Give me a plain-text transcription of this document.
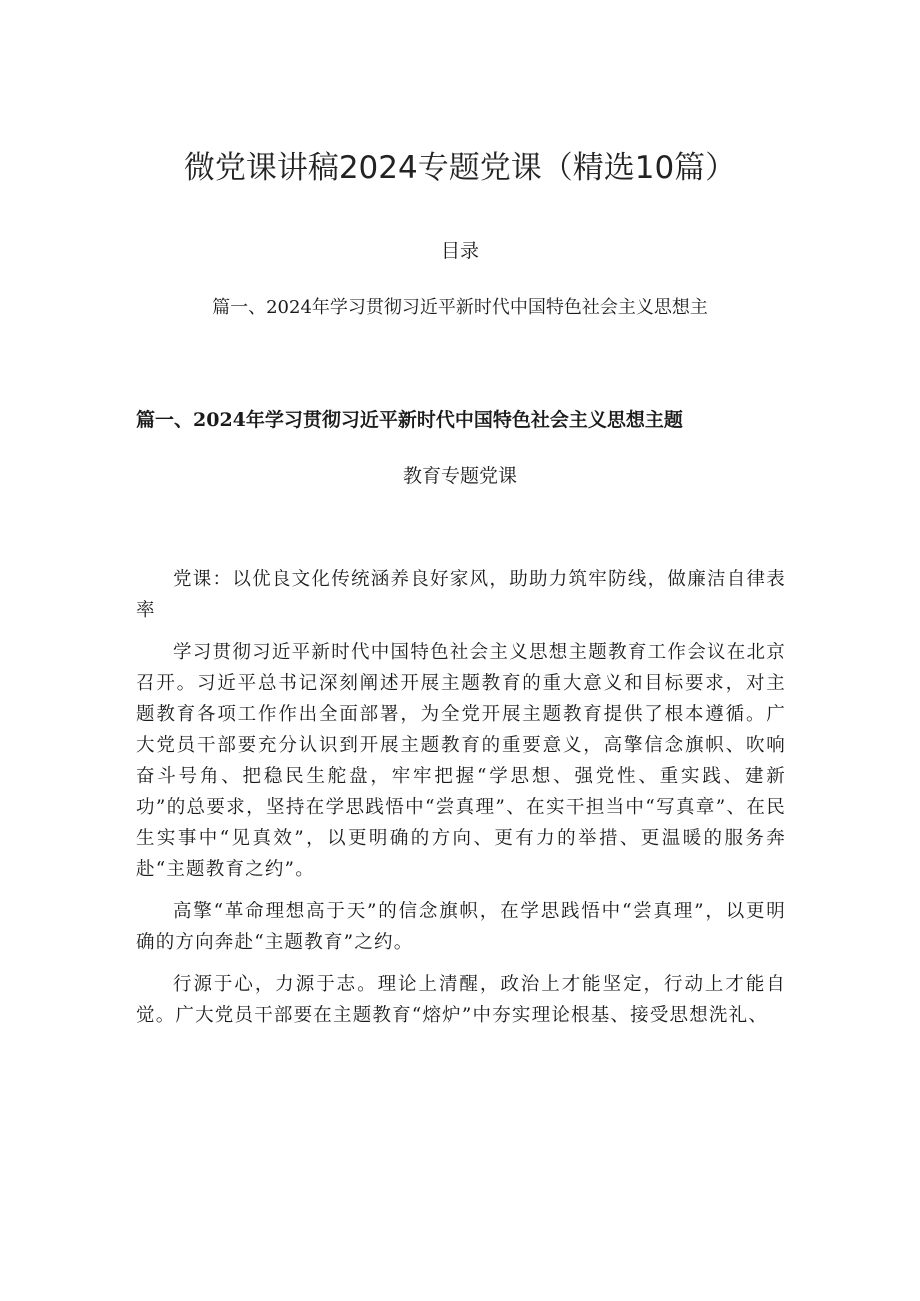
微党课讲稿2024专题党课（精选10篇）
目录
篇一、2024年学习贯彻习近平新时代中国特色社会主义思想主
篇一、2024年学习贯彻习近平新时代中国特色社会主义思想主题
教育专题党课

党课：以优良文化传统涵养良好家风，助助力筑牢防线，做廉洁自律表率

学习贯彻习近平新时代中国特色社会主义思想主题教育工作会议在北京召开。习近平总书记深刻阐述开展主题教育的重大意义和目标要求，对主题教育各项工作作出全面部署，为全党开展主题教育提供了根本遵循。广大党员干部要充分认识到开展主题教育的重要意义，高擎信念旗帜、吹响奋斗号角、把稳民生舵盘，牢牢把握“学思想、强党性、重实践、建新功”的总要求，坚持在学思践悟中“尝真理”、在实干担当中“写真章”、在民生实事中“见真效”，以更明确的方向、更有力的举措、更温暖的服务奔赴“主题教育之约”。

高擎“革命理想高于天”的信念旗帜，在学思践悟中“尝真理”，以更明确的方向奔赴“主题教育”之约。

行源于心，力源于志。理论上清醒，政治上才能坚定，行动上才能自觉。广大党员干部要在主题教育“熔炉”中夯实理论根基、接受思想洗礼、
